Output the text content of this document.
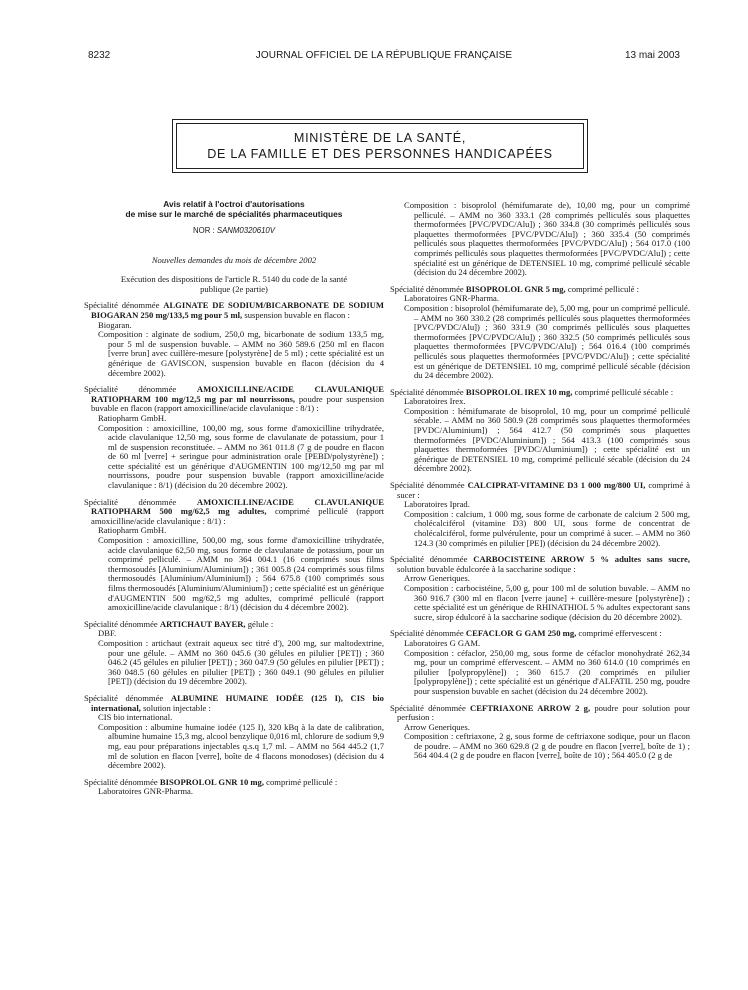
8232	JOURNAL OFFICIEL DE LA RÉPUBLIQUE FRANÇAISE	13 mai 2003
MINISTÈRE DE LA SANTÉ,
DE LA FAMILLE ET DES PERSONNES HANDICAPÉES
Avis relatif à l'octroi d'autorisations
de mise sur le marché de spécialités pharmaceutiques
NOR : SANM0320610V

Nouvelles demandes du mois de décembre 2002

Exécution des dispositions de l'article R. 5140 du code de la santé publique (2e partie)

Spécialité dénommée ALGINATE DE SODIUM/BICARBONATE DE SODIUM BIOGARAN 250 mg/133,5 mg pour 5 ml, suspension buvable en flacon :

Biogaran.

Composition : alginate de sodium, 250,0 mg, bicarbonate de sodium 133,5 mg, pour 5 ml de suspension buvable. – AMM no 360 589.6 (250 ml en flacon [verre brun] avec cuillère-mesure [polystyrène] de 5 ml) ; cette spécialité est un générique de GAVISCON, suspension buvable en flacon (décision du 4 décembre 2002).

Spécialité dénommée AMOXICILLINE/ACIDE CLAVULANIQUE RATIOPHARM 100 mg/12,5 mg par ml nourrissons, poudre pour suspension buvable en flacon (rapport amoxicilline/acide clavulanique : 8/1) :

Ratiopharm GmbH.

Composition : amoxicilline, 100,00 mg, sous forme d'amoxicilline trihydratée, acide clavulanique 12,50 mg, sous forme de clavulanate de potassium, pour 1 ml de suspension reconstituée. – AMM no 361 011.8 (7 g de poudre en flacon de 60 ml [verre] + seringue pour administration orale [PEBD/polystyrène]) ; cette spécialité est un générique d'AUGMENTIN 100 mg/12,50 mg par ml nourrissons, poudre pour suspension buvable (rapport amoxicilline/acide clavulanique : 8/1) (décision du 20 décembre 2002).

Spécialité dénommée AMOXICILLINE/ACIDE CLAVULANIQUE RATIOPHARM 500 mg/62,5 mg adultes, comprimé pelliculé (rapport amoxicilline/acide clavulanique : 8/1) :

Ratiopharm GmbH.

Composition : amoxicilline, 500,00 mg, sous forme d'amoxicilline trihydratée, acide clavulanique 62,50 mg, sous forme de clavulanate de potassium, pour un comprimé pelliculé. – AMM no 364 004.1 (16 comprimés sous films thermosoudés [Aluminium/Aluminium]) ; 361 005.8 (24 comprimés sous films thermosoudés [Aluminium/Aluminium]) ; 564 675.8 (100 comprimés sous films thermosoudés [Aluminium/Aluminium]) ; cette spécialité est un générique d'AUGMENTIN 500 mg/62,5 mg adultes, comprimé pelliculé (rapport amoxicilline/acide clavulanique : 8/1) (décision du 4 décembre 2002).

Spécialité dénommée ARTICHAUT BAYER, gélule :

DBF.

Composition : artichaut (extrait aqueux sec titré d'), 200 mg, sur maltodextrine, pour une gélule. – AMM no 360 045.6 (30 gélules en pilulier [PET]) ; 360 046.2 (45 gélules en pilulier [PET]) ; 360 047.9 (50 gélules en pilulier [PET]) ; 360 048.5 (60 gélules en pilulier [PET]) ; 360 049.1 (90 gélules en pilulier [PET]) (décision du 19 décembre 2002).

Spécialité dénommée ALBUMINE HUMAINE IODÉE (125 I), CIS bio international, solution injectable :

CIS bio international.

Composition : albumine humaine iodée (125 I), 320 kBq à la date de calibration, albumine humaine 15,3 mg, alcool benzylique 0,016 ml, chlorure de sodium 9,9 mg, eau pour préparations injectables q.s.q 1,7 ml. – AMM no 564 445.2 (1,7 ml de solution en flacon [verre], boîte de 4 flacons monodoses) (décision du 4 décembre 2002).

Spécialité dénommée BISOPROLOL GNR 10 mg, comprimé pelliculé :

Laboratoires GNR-Pharma.

Composition : bisoprolol (hémifumarate de), 10,00 mg, pour un comprimé pelliculé. – AMM no 360 333.1 (28 comprimés pelliculés sous plaquettes thermoformées [PVC/PVDC/Alu]) ; 360 334.8 (30 comprimés pelliculés sous plaquettes thermoformées [PVC/PVDC/Alu]) ; 360 335.4 (50 comprimés pelliculés sous plaquettes thermoformées [PVC/PVDC/Alu]) ; 564 017.0 (100 comprimés pelliculés sous plaquettes thermoformées [PVC/PVDC/Alu]) ; cette spécialité est un générique de DETENSIEL 10 mg, comprimé pelliculé sécable (décision du 24 décembre 2002).

Spécialité dénommée BISOPROLOL GNR 5 mg, comprimé pelliculé :

Laboratoires GNR-Pharma.

Composition : bisoprolol (hémifumarate de), 5,00 mg, pour un comprimé pelliculé. – AMM no 360 330.2 (28 comprimés pelliculés sous plaquettes thermoformées [PVC/PVDC/Alu]) ; 360 331.9 (30 comprimés pelliculés sous plaquettes thermoformées [PVC/PVDC/Alu]) ; 360 332.5 (50 comprimés pelliculés sous plaquettes thermoformées [PVC/PVDC/Alu]) ; 564 016.4 (100 comprimés pelliculés sous plaquettes thermoformées [PVC/PVDC/Alu]) ; cette spécialité est un générique de DETENSIEL 10 mg, comprimé pelliculé sécable (décision du 24 décembre 2002).

Spécialité dénommée BISOPROLOL IREX 10 mg, comprimé pelliculé sécable :

Laboratoires Irex.

Composition : hémifumarate de bisoprolol, 10 mg, pour un comprimé pelliculé sécable. – AMM no 360 580.9 (28 comprimés sous plaquettes thermoformées [PVDC/Aluminium]) ; 564 412.7 (50 comprimés sous plaquettes thermoformées [PVDC/Aluminium]) ; 564 413.3 (100 comprimés sous plaquettes thermoformées [PVDC/Aluminium]) ; cette spécialité est un générique de DETENSIEL 10 mg, comprimé pelliculé sécable (décision du 24 décembre 2002).

Spécialité dénommée CALCIPRAT-VITAMINE D3 1 000 mg/800 UI, comprimé à sucer :

Laboratoires Iprad.

Composition : calcium, 1 000 mg, sous forme de carbonate de calcium 2 500 mg, cholécalciférol (vitamine D3) 800 UI, sous forme de concentrat de cholécalciférol, forme pulvérulente, pour un comprimé à sucer. – AMM no 360 124.3 (30 comprimés en pilulier [PE]) (décision du 24 décembre 2002).

Spécialité dénommée CARBOCISTEINE ARROW 5 % adultes sans sucre, solution buvable édulcorée à la saccharine sodique :

Arrow Generiques.

Composition : carbocistéine, 5,00 g, pour 100 ml de solution buvable. – AMM no 360 916.7 (300 ml en flacon [verre jaune] + cuillère-mesure [polystyrène]) ; cette spécialité est un générique de RHINATHIOL 5 % adultes expectorant sans sucre, sirop édulcoré à la saccharine sodique (décision du 20 décembre 2002).

Spécialité dénommée CEFACLOR G GAM 250 mg, comprimé effervescent :

Laboratoires G GAM.

Composition : céfaclor, 250,00 mg, sous forme de céfaclor monohydraté 262,34 mg, pour un comprimé effervescent. – AMM no 360 614.0 (10 comprimés en pilulier [polypropylène]) ; 360 615.7 (20 comprimés en pilulier [polypropylène]) ; cette spécialité est un générique d'ALFATIL 250 mg, poudre pour suspension buvable en sachet (décision du 24 décembre 2002).

Spécialité dénommée CEFTRIAXONE ARROW 2 g, poudre pour solution pour perfusion :

Arrow Generiques.

Composition : ceftriaxone, 2 g, sous forme de ceftriaxone sodique, pour un flacon de poudre. – AMM no 360 629.8 (2 g de poudre en flacon [verre], boîte de 1) ; 564 404.4 (2 g de poudre en flacon [verre], boîte de 10) ; 564 405.0 (2 g de
